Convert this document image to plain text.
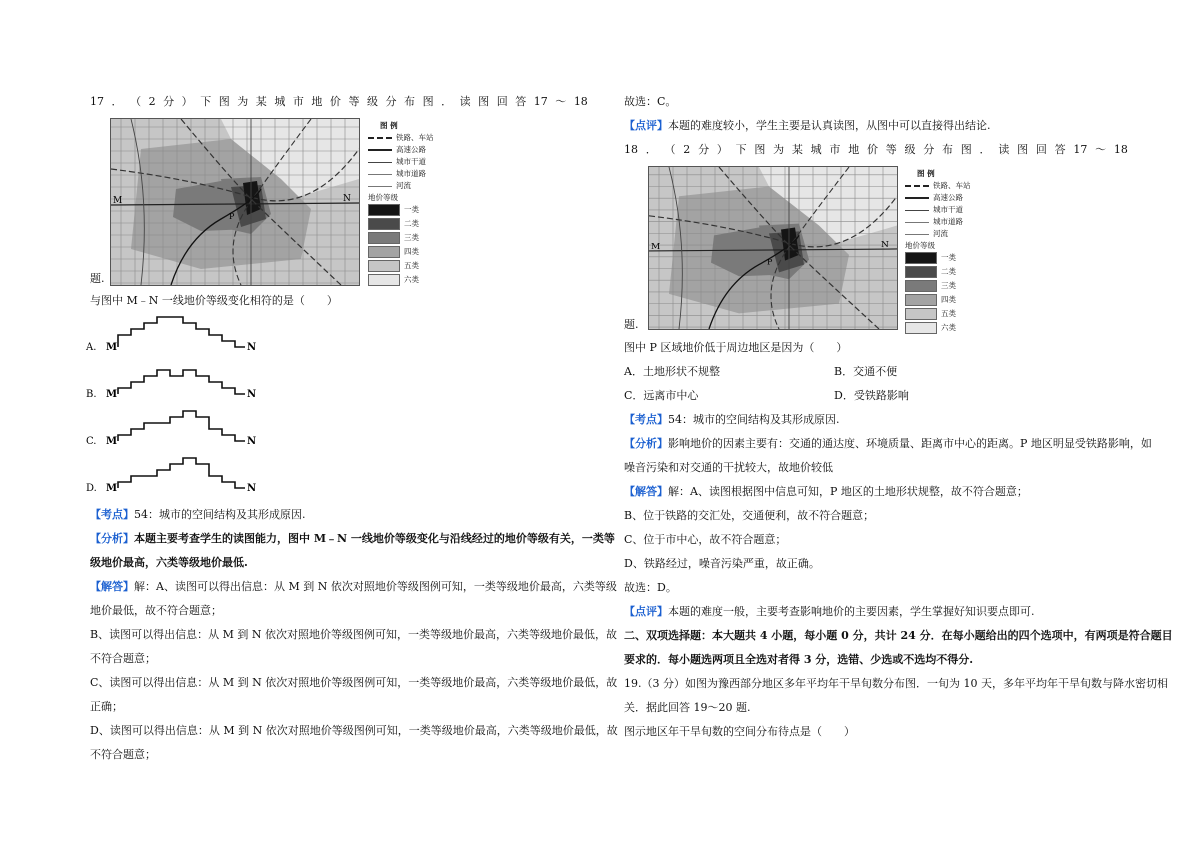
17 ． （ 2 分 ） 下 图 为 某 城 市 地 价 等 级 分 布 图 ． 读 图 回 答 17 ～ 18
M	N
P
图 例
铁路、车站
高速公路
城市干道
城市道路
河流
地价等级
一类
二类
三类
四类
五类
六类
题.
与图中 M﹣N 一线地价等级变化相符的是（　　）
A. M	N
B. M	N
C. M	N
D. M	N
【考点】54：城市的空间结构及其形成原因.
【分析】本题主要考查学生的读图能力，图中 M﹣N 一线地价等级变化与沿线经过的地价等级有关，一类等
级地价最高，六类等级地价最低.
【解答】解：A、读图可以得出信息：从 M 到 N 依次对照地价等级图例可知，一类等级地价最高，六类等级
地价最低，故不符合题意；
B、读图可以得出信息：从 M 到 N 依次对照地价等级图例可知，一类等级地价最高，六类等级地价最低，故
不符合题意；
C、读图可以得出信息：从 M 到 N 依次对照地价等级图例可知，一类等级地价最高，六类等级地价最低，故
正确；
D、读图可以得出信息：从 M 到 N 依次对照地价等级图例可知，一类等级地价最高，六类等级地价最低，故
不符合题意；
故选：C。
【点评】本题的难度较小，学生主要是认真读图，从图中可以直接得出结论.
18 ． （ 2 分 ） 下 图 为 某 城 市 地 价 等 级 分 布 图 ． 读 图 回 答 17 ～ 18
M	N
P
图 例
铁路、车站
高速公路
城市干道
城市道路
河流
地价等级
一类
二类
三类
四类
五类
六类
题.
图中 P 区域地价低于周边地区是因为（　　）
A．土地形状不规整	B．交通不便
C．远离市中心	D．受铁路影响
【考点】54：城市的空间结构及其形成原因.
【分析】影响地价的因素主要有：交通的通达度、环境质量、距离市中心的距离。P 地区明显受铁路影响，如
噪音污染和对交通的干扰较大，故地价较低
【解答】解：A、读图根据图中信息可知，P 地区的土地形状规整，故不符合题意；
B、位于铁路的交汇处，交通便利，故不符合题意；
C、位于市中心，故不符合题意；
D、铁路经过，噪音污染严重，故正确。
故选：D。
【点评】本题的难度一般，主要考查影响地价的主要因素，学生掌握好知识要点即可.
二、双项选择题：本大题共 4 小题，每小题 0 分，共计 24 分．在每小题给出的四个选项中，有两项是符合题目
要求的．每小题选两项且全选对者得 3 分，选错、少选或不选均不得分.
19.（3 分）如图为豫西部分地区多年平均年干旱旬数分布图．一旬为 10 天，多年平均年干旱旬数与降水密切相
关．据此回答 19～20 题.
图示地区年干旱旬数的空间分布待点是（　　）
